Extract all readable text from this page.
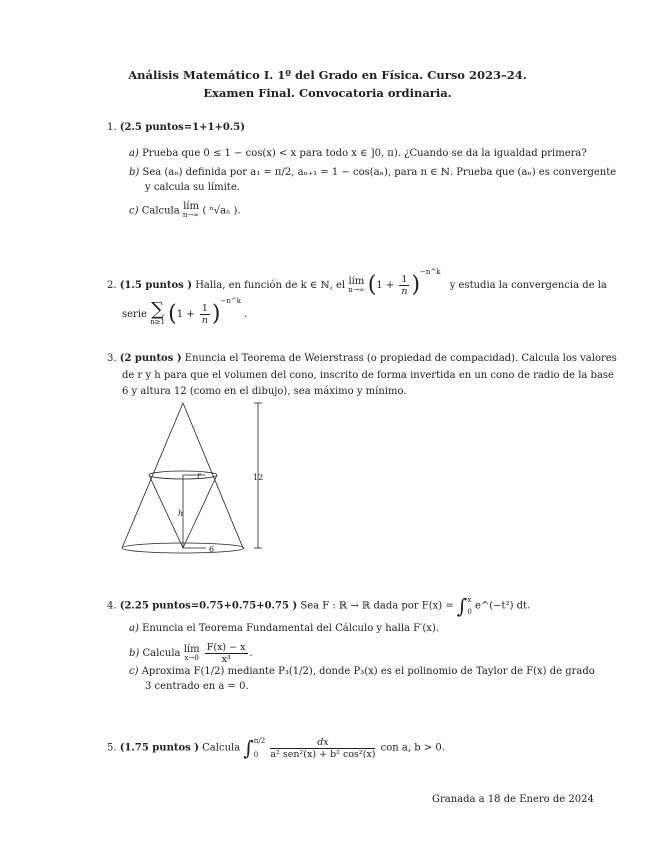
Análisis Matemático I. 1º del Grado en Física. Curso 2023–24.
Examen Final. Convocatoria ordinaria.
1. (2.5 puntos=1+1+0.5)
a) Prueba que 0 ≤ 1 − cos(x) < x para todo x ∈ ]0, π). ¿Cuando se da la igualdad primera?
b) Sea (aₙ) definida por a₁ = π/2, aₙ₊₁ = 1 − cos(aₙ), para n ∈ ℕ. Prueba que (aₙ) es convergente
y calcula su límite.
c) Calcula lím
n→∞ ( ⁿ√aₙ ).
2. (1.5 puntos ) Halla, en función de k ∈ ℕ, el lím
n→∞ $(1 + \frac{1}{n} )^{-n\^{}k}$ y estudia la convergencia de la
serie ∑
n≥1 $(1 + \frac{1}{n} )^{-n\^{}k}$ .
3. (2 puntos ) Enuncia el Teorema de Weierstrass (o propiedad de compacidad). Calcula los valores
de r y h para que el volumen del cono, inscrito de forma invertida en un cono de radio de la base
6 y altura 12 (como en el dibujo), sea máximo y mínimo.
r
h
6
12
4. (2.25 puntos=0.75+0.75+0.75 ) Sea F : ℝ → ℝ dada por F(x) = ∫ x
0
e^(−t²) dt.
a) Enuncia el Teorema Fundamental del Cálculo y halla F′(x).
b) Calcula lím
x→0
$\frac{F(x) - x}{\text{x³}}$ .
c) Aproxima F(1/2) mediante P₃(1/2), donde P₃(x) es el polinomio de Taylor de F(x) de grado
3 centrado en a = 0.
5. (1.75 puntos ) Calcula ∫ π/2
0
	$\frac{dx}{\text{a² sen²(x) + b² cos²(x)}}$ con a, b > 0.
Granada a 18 de Enero de 2024
